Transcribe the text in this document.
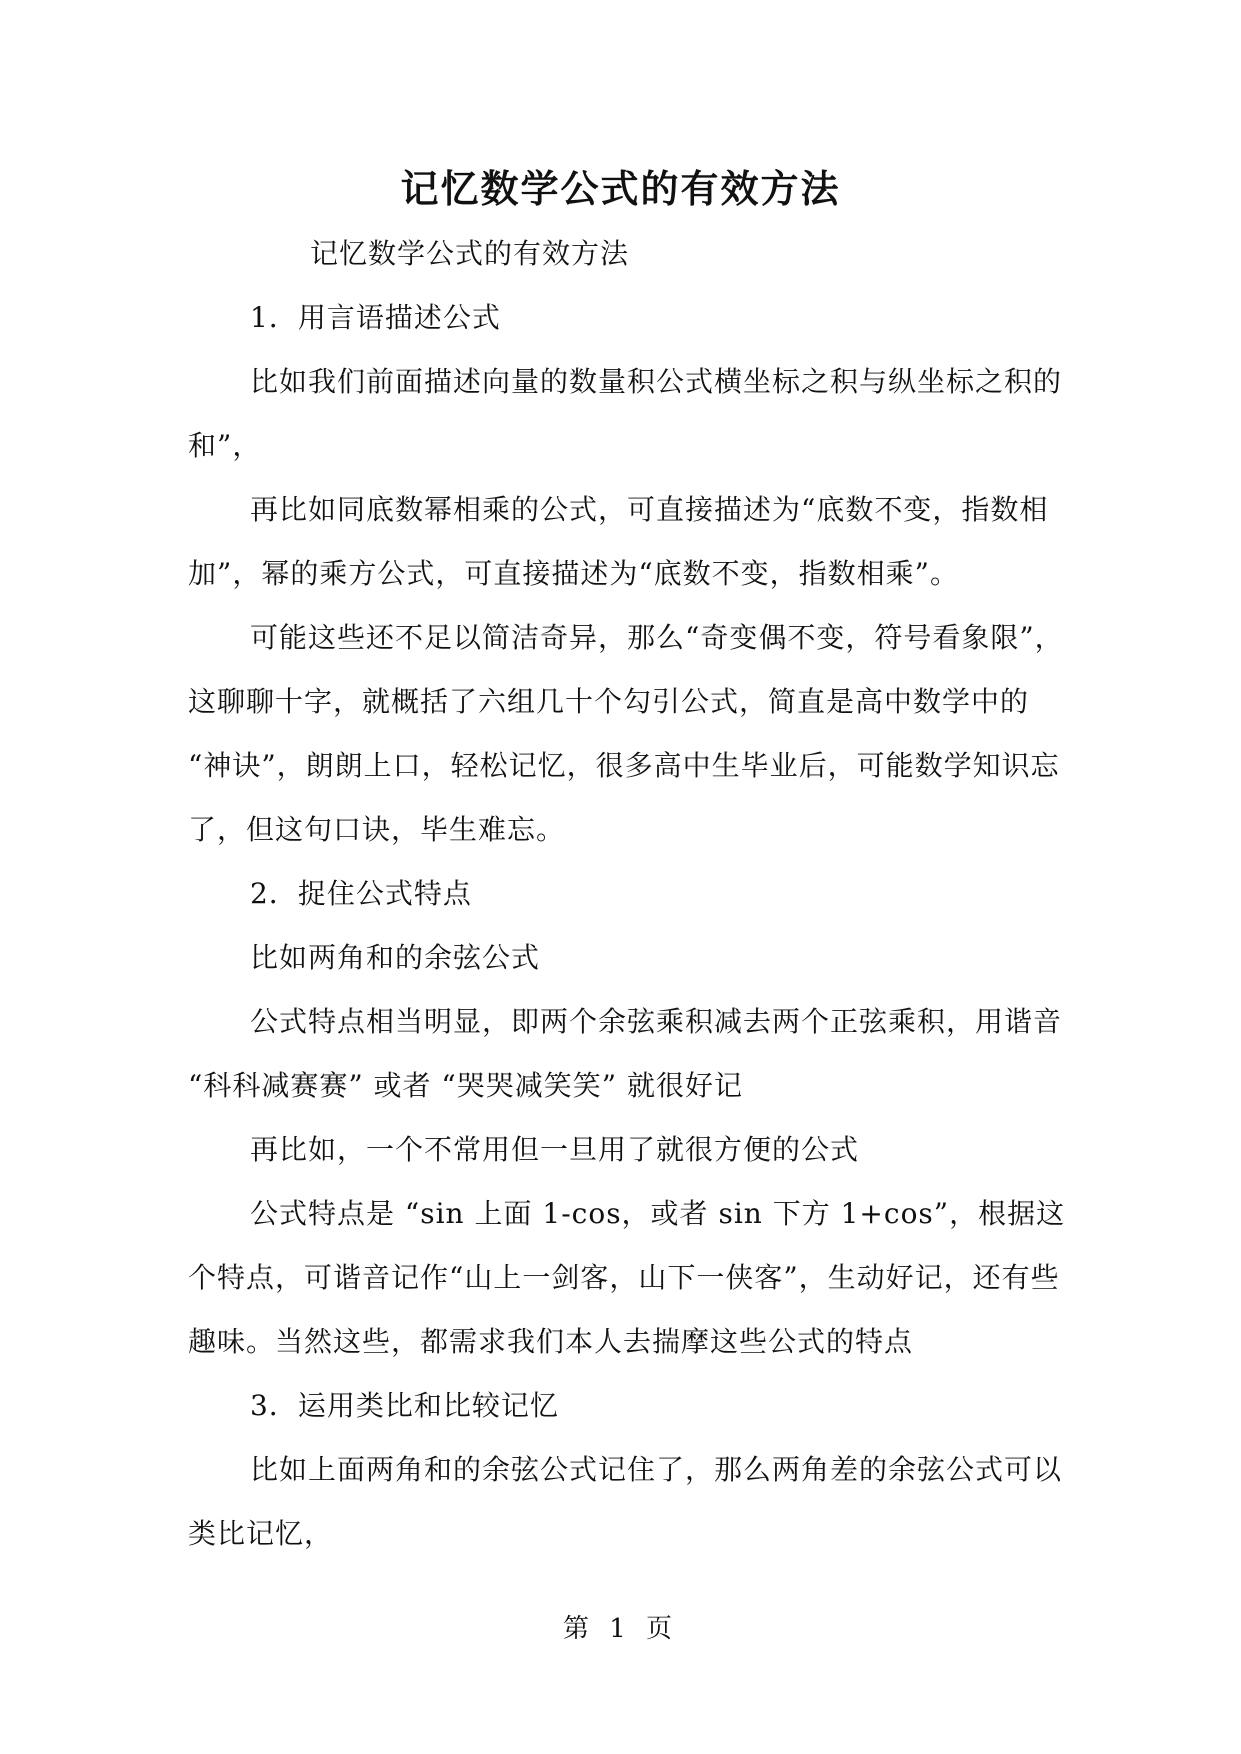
记忆数学公式的有效方法

记忆数学公式的有效方法

1．用言语描述公式

比如我们前面描述向量的数量积公式横坐标之积与纵坐标之积的和”，

再比如同底数幂相乘的公式，可直接描述为“底数不变，指数相加”，幂的乘方公式，可直接描述为“底数不变，指数相乘”。

可能这些还不足以简洁奇异，那么“奇变偶不变，符号看象限”，这聊聊十字，就概括了六组几十个勾引公式，简直是高中数学中的 “神诀”，朗朗上口，轻松记忆，很多高中生毕业后，可能数学知识忘了，但这句口诀，毕生难忘。

2．捉住公式特点

比如两角和的余弦公式

公式特点相当明显，即两个余弦乘积减去两个正弦乘积，用谐音 “科科减赛赛” 或者 “哭哭减笑笑” 就很好记

再比如，一个不常用但一旦用了就很方便的公式

公式特点是 “sin 上面 1-cos，或者 sin 下方 1+cos”，根据这个特点，可谐音记作“山上一剑客，山下一侠客”，生动好记，还有些趣味。当然这些，都需求我们本人去揣摩这些公式的特点

3．运用类比和比较记忆

比如上面两角和的余弦公式记住了，那么两角差的余弦公式可以类比记忆，

第 1 页
